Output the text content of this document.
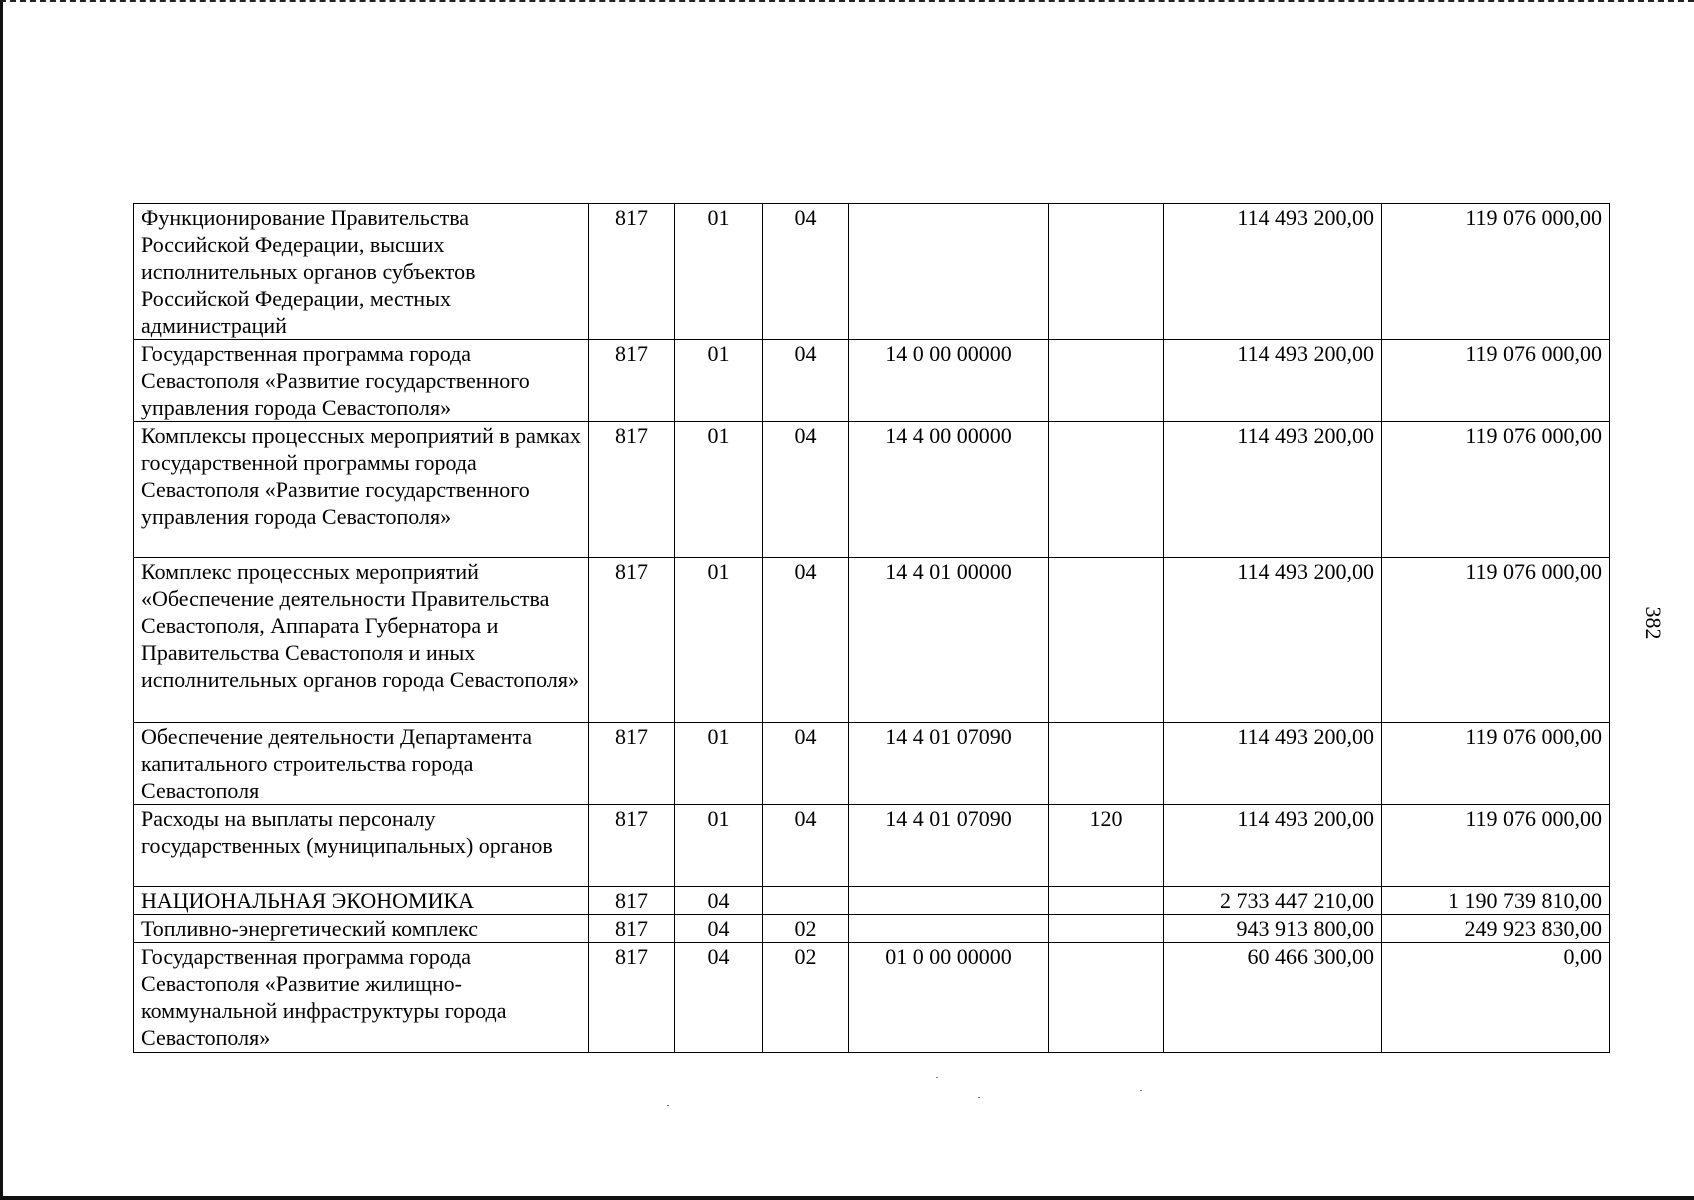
Функционирование Правительства Российской Федерации, высших исполнительных органов субъектов Российской Федерации, местных администраций	817	01	04			114 493 200,00	119 076 000,00
Государственная программа города Севастополя «Развитие государственного управления города Севастополя»	817	01	04	14 0 00 00000		114 493 200,00	119 076 000,00
Комплексы процессных мероприятий в рамках государственной программы города Севастополя «Развитие государственного управления города Севастополя»	817	01	04	14 4 00 00000		114 493 200,00	119 076 000,00
Комплекс процессных мероприятий «Обеспечение деятельности Правительства Севастополя, Аппарата Губернатора и Правительства Севастополя и иных исполнительных органов города Севастополя»	817	01	04	14 4 01 00000		114 493 200,00	119 076 000,00
Обеспечение деятельности Департамента капитального строительства города Севастополя	817	01	04	14 4 01 07090		114 493 200,00	119 076 000,00
Расходы на выплаты персоналу государственных (муниципальных) органов	817	01	04	14 4 01 07090	120	114 493 200,00	119 076 000,00
НАЦИОНАЛЬНАЯ ЭКОНОМИКА	817	04				2 733 447 210,00	1 190 739 810,00
Топливно-энергетический комплекс	817	04	02			943 913 800,00	249 923 830,00
Государственная программа города Севастополя «Развитие жилищно-коммунальной инфраструктуры города Севастополя»	817	04	02	01 0 00 00000		60 466 300,00	0,00
382
